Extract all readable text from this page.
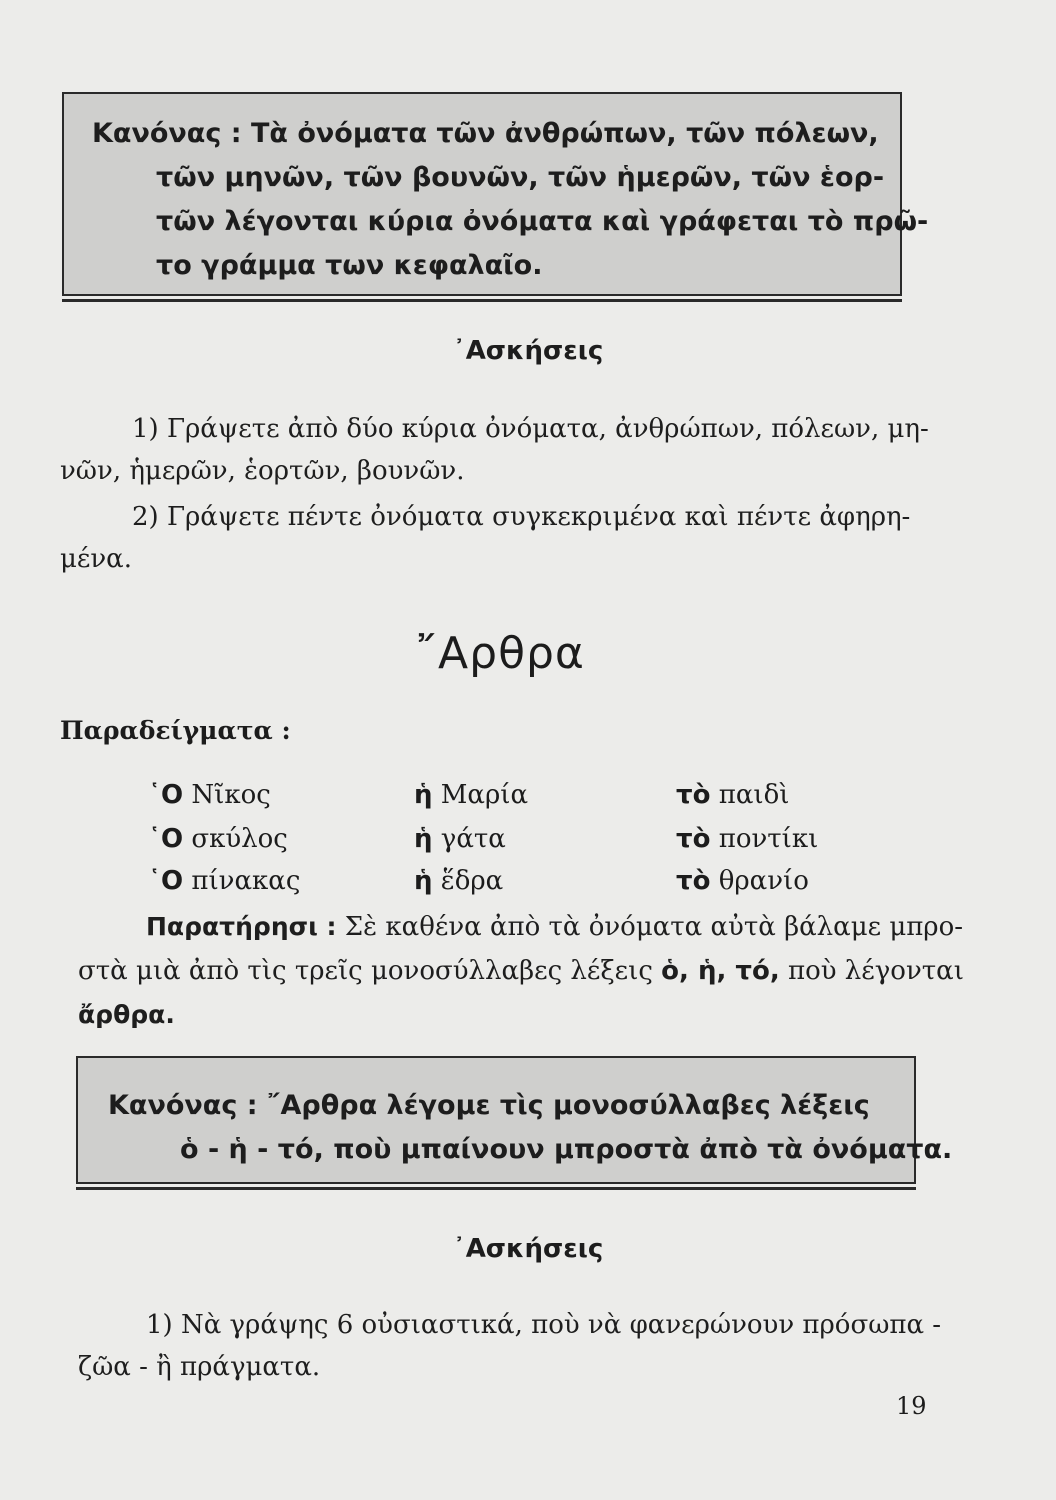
Κανόνας : Τὰ ὀνόματα τῶν ἀνθρώπων, τῶν πόλεων,
τῶν μηνῶν, τῶν βουνῶν, τῶν ἡμερῶν, τῶν ἑορ-
τῶν λέγονται κύρια ὀνόματα καὶ γράφεται τὸ πρῶ-
το γράμμα των κεφαλαῖο.
᾿Ασκήσεις
1) Γράψετε ἀπὸ δύο κύρια ὀνόματα, ἀνθρώπων, πόλεων, μη-
νῶν, ἡμερῶν, ἑορτῶν, βουνῶν.
2) Γράψετε πέντε ὀνόματα συγκεκριμένα καὶ πέντε ἀφηρη-
μένα.
῎Αρθρα
Παραδείγματα :
῾Ο Νῖκος	ἡ Μαρία	τὸ παιδὶ
῾Ο σκύλος	ἡ γάτα	τὸ ποντίκι
῾Ο πίνακας	ἡ ἕδρα	τὸ θρανίο
Παρατήρησι : Σὲ καθένα ἀπὸ τὰ ὀνόματα αὐτὰ βάλαμε μπρο-
στὰ μιὰ ἀπὸ τὶς τρεῖς μονοσύλλαβες λέξεις ὁ, ἡ, τό, ποὺ λέγονται
ἄρθρα.
Κανόνας : ῎Αρθρα λέγομε τὶς μονοσύλλαβες λέξεις
ὁ - ἡ - τό, ποὺ μπαίνουν μπροστὰ ἀπὸ τὰ ὀνόματα.
᾿Ασκήσεις
1) Νὰ γράψης 6 οὐσιαστικά, ποὺ νὰ φανερώνουν πρόσωπα -
ζῶα - ἢ πράγματα.
19
